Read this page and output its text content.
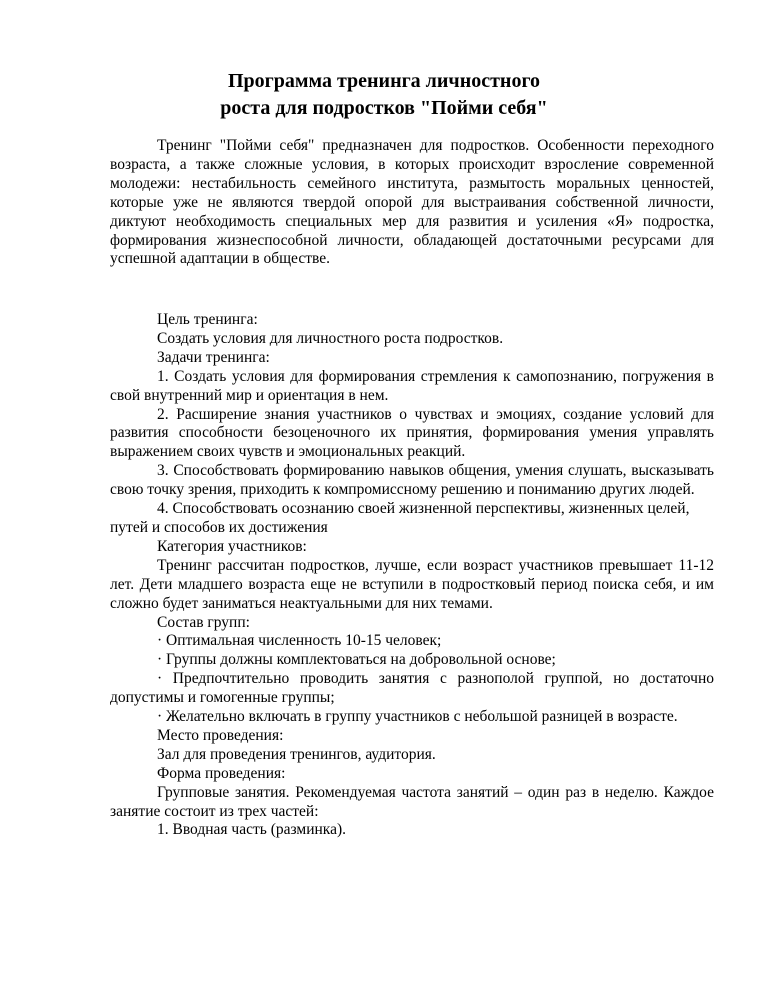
Программа тренинга личностного
роста для подростков "Пойми себя"

Тренинг "Пойми себя" предназначен для подростков. Особенности переходного возраста, а также сложные условия, в которых происходит взросление современной молодежи: нестабильность семейного института, размытость моральных ценностей, которые уже не являются твердой опорой для выстраивания собственной личности, диктуют необходимость специальных мер для развития и усиления «Я» подростка, формирования жизнеспособной личности, обладающей достаточными ресурсами для успешной адаптации в обществе.

Цель тренинга:

Создать условия для личностного роста подростков.

Задачи тренинга:

1. Создать условия для формирования стремления к самопознанию, погружения в свой внутренний мир и ориентация в нем.

2. Расширение знания участников о чувствах и эмоциях, создание условий для развития способности безоценочного их принятия, формирования умения управлять выражением своих чувств и эмоциональных реакций.

3. Способствовать формированию навыков общения, умения слушать, высказывать свою точку зрения, приходить к компромиссному решению и пониманию других людей.

4. Способствовать осознанию своей жизненной перспективы, жизненных целей, путей и способов их достижения

Категория участников:

Тренинг рассчитан подростков, лучше, если возраст участников превышает 11-12 лет. Дети младшего возраста еще не вступили в подростковый период поиска себя, и им сложно будет заниматься неактуальными для них темами.

Состав групп:

· Оптимальная численность 10-15 человек;

· Группы должны комплектоваться на добровольной основе;

· Предпочтительно проводить занятия с разнополой группой, но достаточно допустимы и гомогенные группы;

· Желательно включать в группу участников с небольшой разницей в возрасте.

Место проведения:

Зал для проведения тренингов, аудитория.

Форма проведения:

Групповые занятия. Рекомендуемая частота занятий – один раз в неделю. Каждое занятие состоит из трех частей:

1. Вводная часть (разминка).
